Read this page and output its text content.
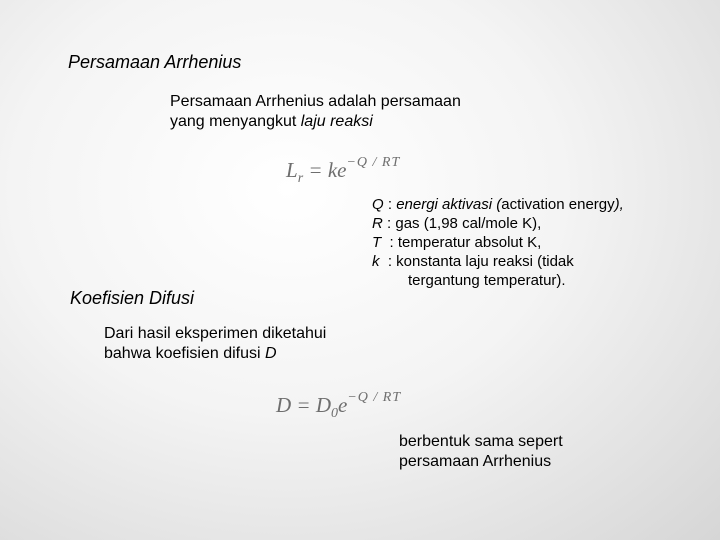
Persamaan Arrhenius
Persamaan Arrhenius adalah persamaan
yang menyangkut laju reaksi
$L_r = ke^{-Q / RT}$
Q : energi aktivasi (activation energy),
R : gas (1,98 cal/mole K),
T  : temperatur absolut K,
k  : konstanta laju reaksi (tidak
tergantung temperatur).
Koefisien Difusi
Dari hasil eksperimen diketahui
bahwa koefisien difusi D
$D = D_0e^{-Q / RT}$
berbentuk sama sepert
persamaan Arrhenius
